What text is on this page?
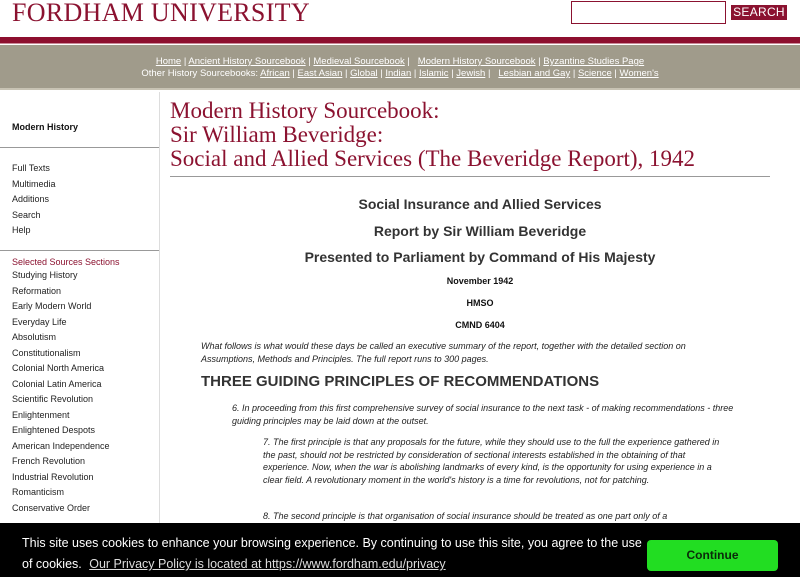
FORDHAM UNIVERSITY	SEARCH
Home | Ancient History Sourcebook | Medieval Sourcebook |   Modern History Sourcebook | Byzantine Studies Page
Other History Sourcebooks: African | East Asian | Global | Indian | Islamic | Jewish |   Lesbian and Gay | Science | Women's
Modern History
Full Texts
Multimedia
Additions
Search
Help
Selected Sources Sections
Studying History
Reformation
Early Modern World
Everyday Life
Absolutism
Constitutionalism
Colonial North America
Colonial Latin America
Scientific Revolution
Enlightenment
Enlightened Despots
American Independence
French Revolution
Industrial Revolution
Romanticism
Conservative Order
Modern History Sourcebook:
Sir William Beveridge:
Social and Allied Services (The Beveridge Report), 1942
Social Insurance and Allied Services
Report by Sir William Beveridge
Presented to Parliament by Command of His Majesty
November 1942
HMSO
CMND 6404

What follows is what would these days be called an executive summary of the report, together with the detailed section on Assumptions, Methods and Principles. The full report runs to 300 pages.

THREE GUIDING PRINCIPLES OF RECOMMENDATIONS

6. In proceeding from this first comprehensive survey of social insurance to the next task - of making recommendations - three guiding principles may be laid down at the outset.

7. The first principle is that any proposals for the future, while they should use to the full the experience gathered in the past, should not be restricted by consideration of sectional interests established in the obtaining of that experience. Now, when the war is abolishing landmarks of every kind, is the opportunity for using experience in a clear field. A revolutionary moment in the world's history is a time for revolutions, not for patching.

8. The second principle is that organisation of social insurance should be treated as one part only of a

This site uses cookies to enhance your browsing experience. By continuing to use this site, you agree to the use of cookies. Our Privacy Policy is located at https://www.fordham.edu/privacy
Continue
